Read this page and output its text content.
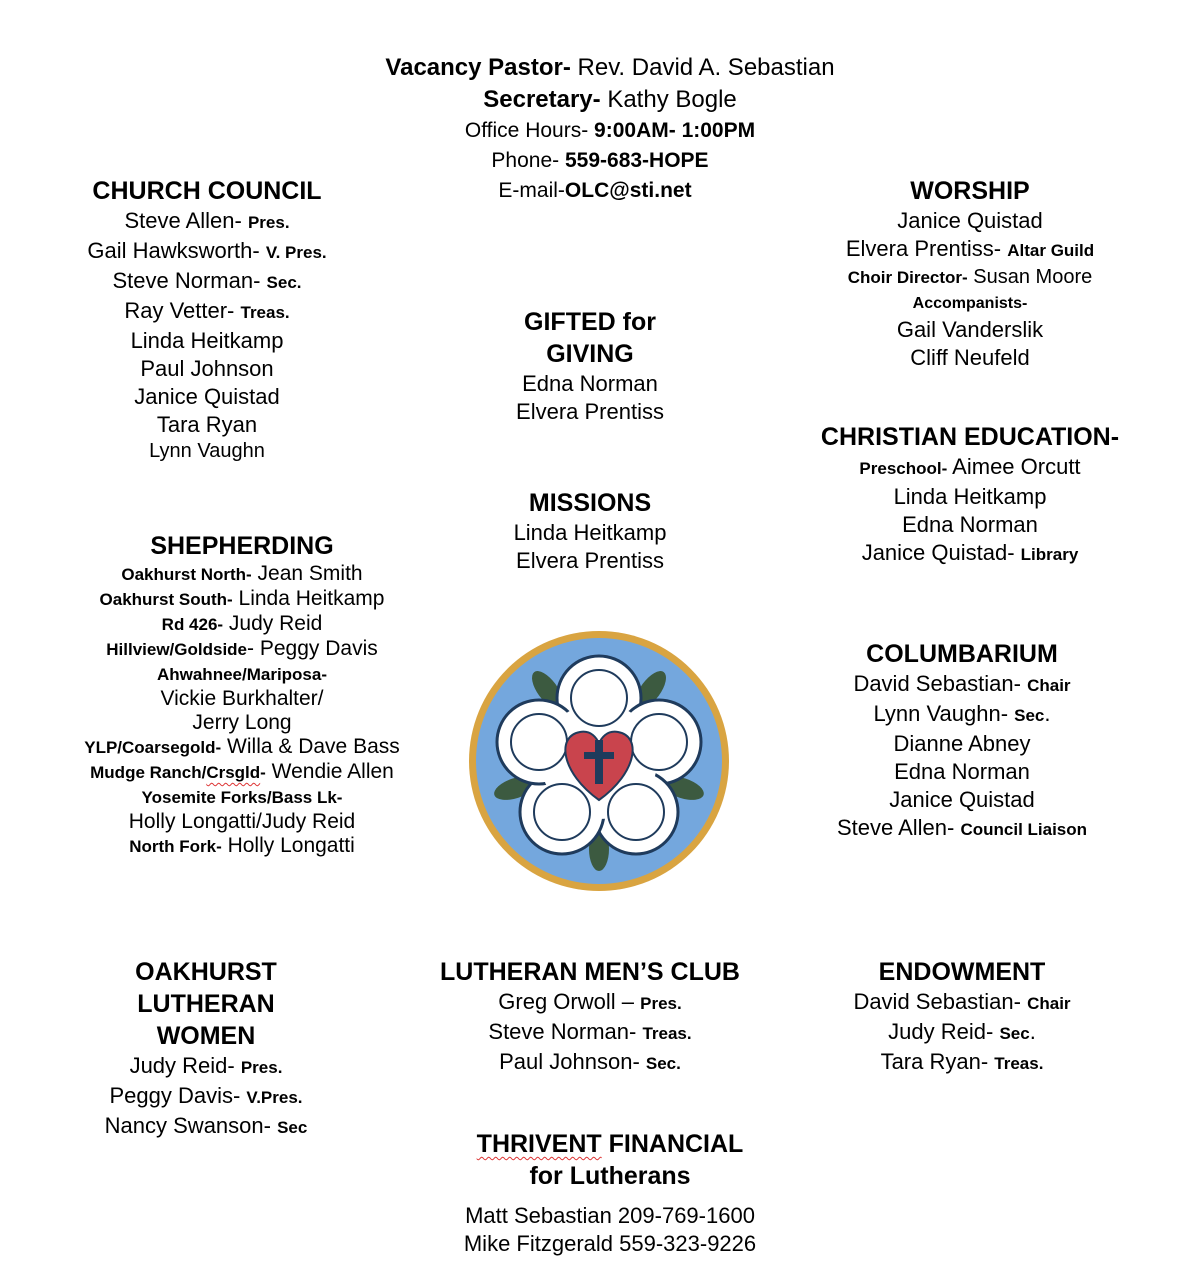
Vacancy Pastor- Rev. David A. Sebastian
Secretary- Kathy Bogle
Office Hours- 9:00AM- 1:00PM
Phone- 559-683-HOPE
E-mail-OLC@sti.net
CHURCH COUNCIL
Steve Allen- Pres.
Gail Hawksworth- V. Pres.
Steve Norman- Sec.
Ray Vetter- Treas.
Linda Heitkamp
Paul Johnson
Janice Quistad
Tara Ryan
Lynn Vaughn
GIFTED for
GIVING
Edna Norman
Elvera Prentiss
MISSIONS
Linda Heitkamp
Elvera Prentiss
WORSHIP
Janice Quistad
Elvera Prentiss- Altar Guild
Choir Director- Susan Moore
Accompanists-
Gail Vanderslik
Cliff Neufeld
CHRISTIAN EDUCATION-
Preschool- Aimee Orcutt
Linda Heitkamp
Edna Norman
Janice Quistad- Library
SHEPHERDING
Oakhurst North- Jean Smith
Oakhurst South- Linda Heitkamp
Rd 426- Judy Reid
Hillview/Goldside- Peggy Davis
Ahwahnee/Mariposa-
Vickie Burkhalter/
Jerry Long
YLP/Coarsegold- Willa & Dave Bass
Mudge Ranch/Crsgld- Wendie Allen
Yosemite Forks/Bass Lk-
Holly Longatti/Judy Reid
North Fork- Holly Longatti
COLUMBARIUM
David Sebastian- Chair
Lynn Vaughn- Sec.
Dianne Abney
Edna Norman
Janice Quistad
Steve Allen- Council Liaison
OAKHURST
LUTHERAN
WOMEN
Judy Reid- Pres.
Peggy Davis- V.Pres.
Nancy Swanson- Sec
LUTHERAN MEN’S CLUB
Greg Orwoll – Pres.
Steve Norman- Treas.
Paul Johnson- Sec.
ENDOWMENT
David Sebastian- Chair
Judy Reid- Sec.
Tara Ryan- Treas.
THRIVENT FINANCIAL
for Lutherans
Matt Sebastian 209-769-1600
Mike Fitzgerald 559-323-9226
